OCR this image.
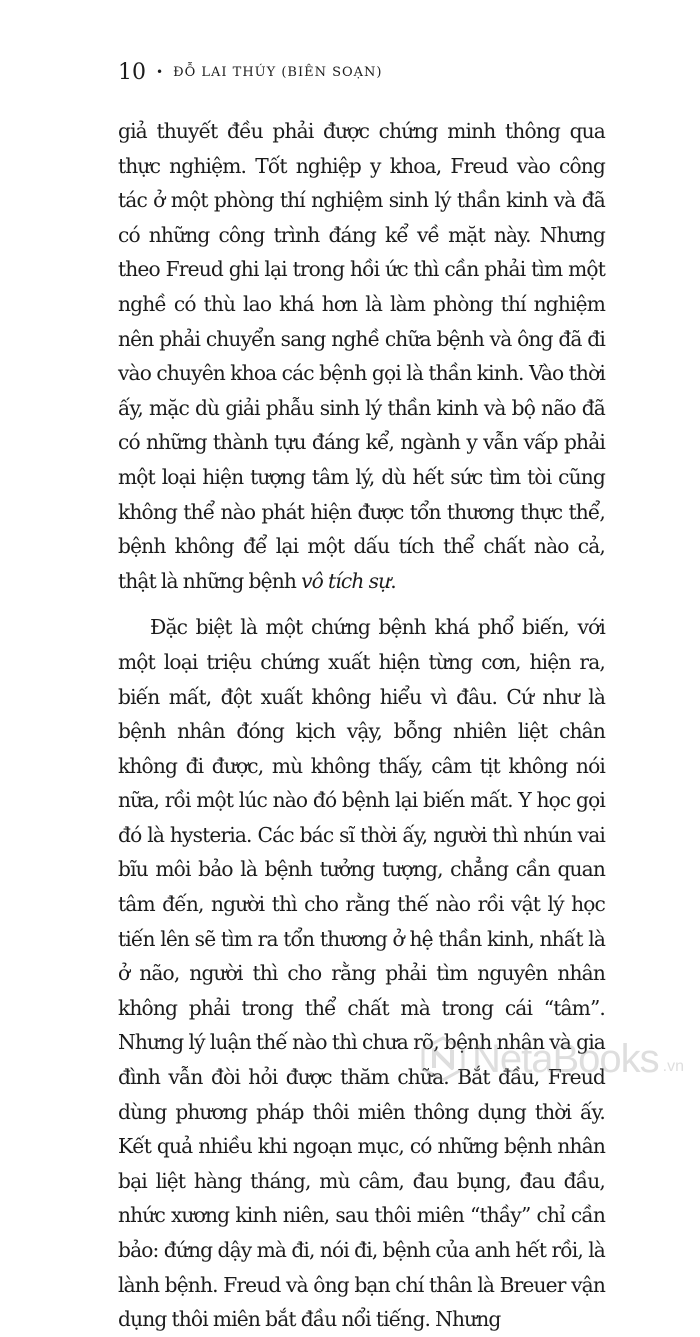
10 • ĐỖ LAI THÚY (BIÊN SOẠN)

giả thuyết đều phải được chứng minh thông qua thực nghiệm. Tốt nghiệp y khoa, Freud vào công tác ở một phòng thí nghiệm sinh lý thần kinh và đã có những công trình đáng kể về mặt này. Nhưng theo Freud ghi lại trong hồi ức thì cần phải tìm một nghề có thù lao khá hơn là làm phòng thí nghiệm nên phải chuyển sang nghề chữa bệnh và ông đã đi vào chuyên khoa các bệnh gọi là thần kinh. Vào thời ấy, mặc dù giải phẫu sinh lý thần kinh và bộ não đã có những thành tựu đáng kể, ngành y vẫn vấp phải một loại hiện tượng tâm lý, dù hết sức tìm tòi cũng không thể nào phát hiện được tổn thương thực thể, bệnh không để lại một dấu tích thể chất nào cả, thật là những bệnh vô tích sự.

Đặc biệt là một chứng bệnh khá phổ biến, với một loại triệu chứng xuất hiện từng cơn, hiện ra, biến mất, đột xuất không hiểu vì đâu. Cứ như là bệnh nhân đóng kịch vậy, bỗng nhiên liệt chân không đi được, mù không thấy, câm tịt không nói nữa, rồi một lúc nào đó bệnh lại biến mất. Y học gọi đó là hysteria. Các bác sĩ thời ấy, người thì nhún vai bĩu môi bảo là bệnh tưởng tượng, chẳng cần quan tâm đến, người thì cho rằng thế nào rồi vật lý học tiến lên sẽ tìm ra tổn thương ở hệ thần kinh, nhất là ở não, người thì cho rằng phải tìm nguyên nhân không phải trong thể chất mà trong cái “tâm”. Nhưng lý luận thế nào thì chưa rõ, bệnh nhân và gia đình vẫn đòi hỏi được thăm chữa. Bắt đầu, Freud dùng phương pháp thôi miên thông dụng thời ấy. Kết quả nhiều khi ngoạn mục, có những bệnh nhân bại liệt hàng tháng, mù câm, đau bụng, đau đầu, nhức xương kinh niên, sau thôi miên “thầy” chỉ cần bảo: đứng dậy mà đi, nói đi, bệnh của anh hết rồi, là lành bệnh. Freud và ông bạn chí thân là Breuer vận dụng thôi miên bắt đầu nổi tiếng. Nhưng

NetaBooks .vn
